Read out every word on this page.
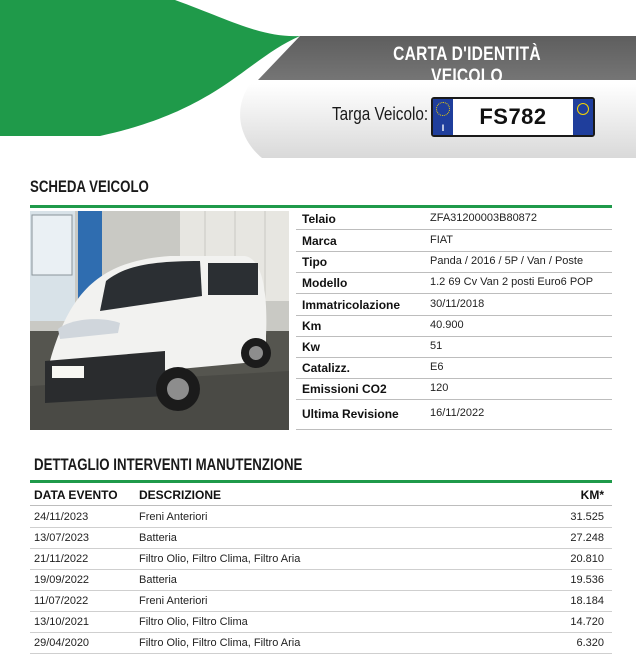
CARTA D'IDENTITÀ VEICOLO
Targa Veicolo:
I	FS782
SCHEDA VEICOLO
Telaio	ZFA31200003B80872
Marca	FIAT
Tipo	Panda / 2016 / 5P / Van / Poste
Modello	1.2 69 Cv Van 2 posti Euro6 POP
Immatricolazione	30/11/2018
Km	40.900
Kw	51
Catalizz.	E6
Emissioni CO2	120
Ultima Revisione	16/11/2022
DETTAGLIO INTERVENTI MANUTENZIONE
DATA EVENTO DESCRIZIONE	KM*
24/11/2023	Freni Anteriori	31.525
13/07/2023	Batteria	27.248
21/11/2022	Filtro Olio, Filtro Clima, Filtro Aria	20.810
19/09/2022	Batteria	19.536
11/07/2022	Freni Anteriori	18.184
13/10/2021	Filtro Olio, Filtro Clima	14.720
29/04/2020	Filtro Olio, Filtro Clima, Filtro Aria	6.320
